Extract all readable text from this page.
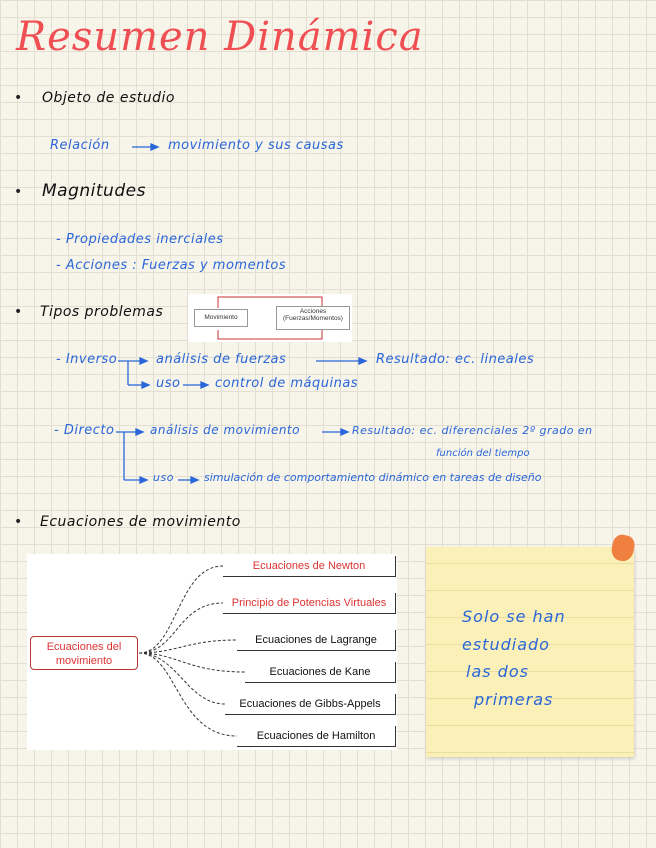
Resumen Dinámica
• Objeto de estudio
Relación	movimiento y sus causas
• Magnitudes
- Propiedades inerciales
- Acciones : Fuerzas y momentos
• Tipos problemas	Movimiento
Acciones
(Fuerzas/Momentos)
- Inverso	análisis de fuerzas	Resultado: ec. lineales
uso	control de máquinas
- Directo	análisis de movimiento	Resultado: ec. diferenciales 2º grado en
función del tiempo
uso	simulación de comportamiento dinámico en tareas de diseño
• Ecuaciones de movimiento
Ecuaciones del
movimiento
Ecuaciones de Newton
Principio de Potencias Virtuales
Ecuaciones de Lagrange
Ecuaciones de Kane
Ecuaciones de Gibbs-Appels
Ecuaciones de Hamilton
Solo se han
estudiado
las dos
primeras
